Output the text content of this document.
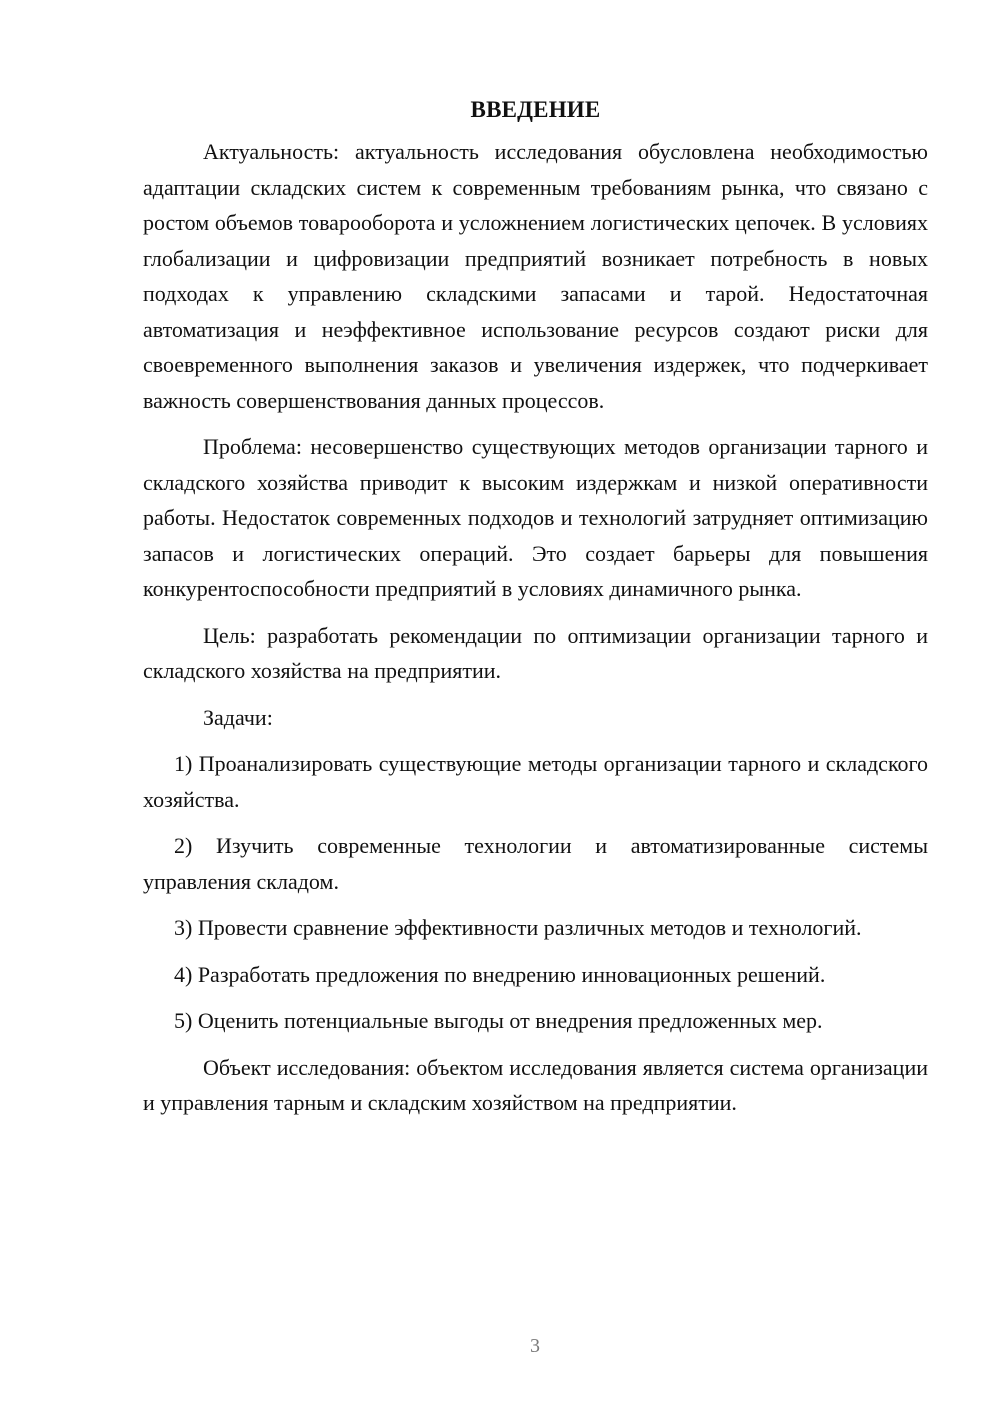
ВВЕДЕНИЕ

Актуальность: актуальность исследования обусловлена необходимостью адаптации складских систем к современным требованиям рынка, что связано с ростом объемов товарооборота и усложнением логистических цепочек. В условиях глобализации и цифровизации предприятий возникает потребность в новых подходах к управлению складскими запасами и тарой. Недостаточная автоматизация и неэффективное использование ресурсов создают риски для своевременного выполнения заказов и увеличения издержек, что подчеркивает важность совершенствования данных процессов.

Проблема: несовершенство существующих методов организации тарного и складского хозяйства приводит к высоким издержкам и низкой оперативности работы. Недостаток современных подходов и технологий затрудняет оптимизацию запасов и логистических операций. Это создает барьеры для повышения конкурентоспособности предприятий в условиях динамичного рынка.

Цель: разработать рекомендации по оптимизации организации тарного и складского хозяйства на предприятии.

Задачи:

1) Проанализировать существующие методы организации тарного и складского хозяйства.

2) Изучить современные технологии и автоматизированные системы управления складом.

3) Провести сравнение эффективности различных методов и технологий.

4) Разработать предложения по внедрению инновационных решений.

5) Оценить потенциальные выгоды от внедрения предложенных мер.

Объект исследования: объектом исследования является система организации и управления тарным и складским хозяйством на предприятии.

3
